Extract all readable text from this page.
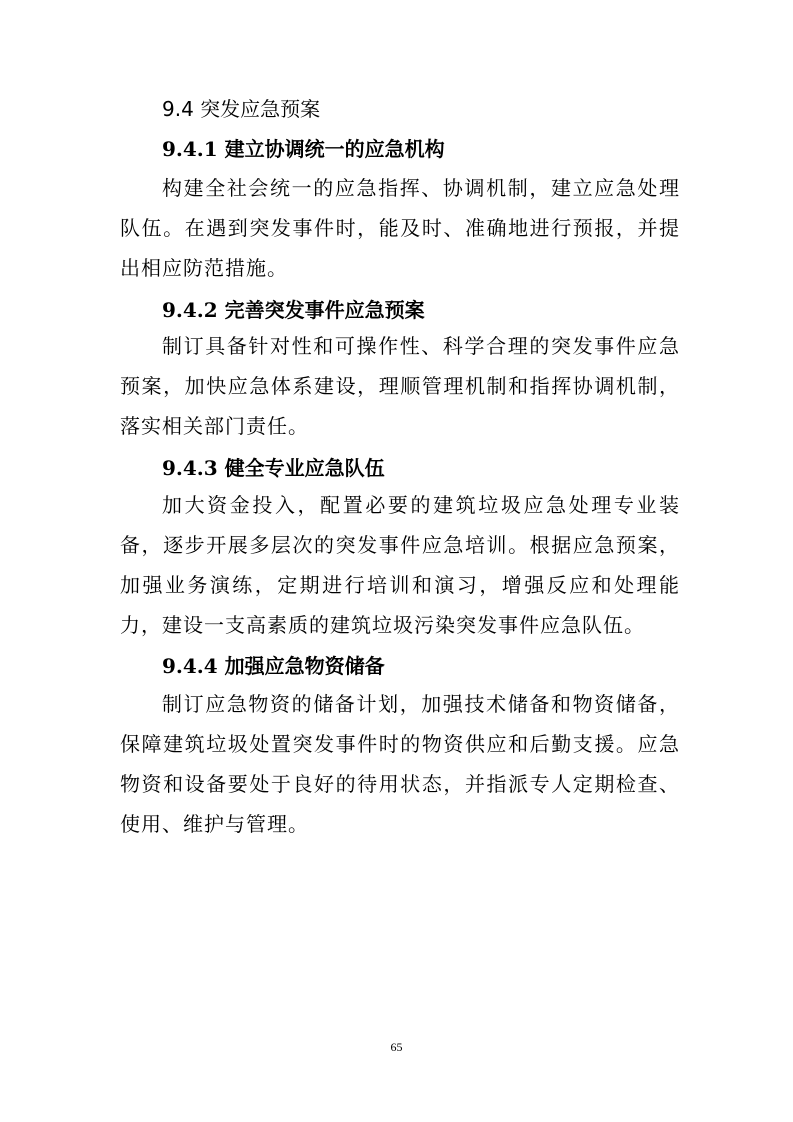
9.4 突发应急预案
9.4.1 建立协调统一的应急机构
构建全社会统一的应急指挥、协调机制，建立应急处理队伍。在遇到突发事件时，能及时、准确地进行预报，并提出相应防范措施。
9.4.2 完善突发事件应急预案
制订具备针对性和可操作性、科学合理的突发事件应急预案，加快应急体系建设，理顺管理机制和指挥协调机制，落实相关部门责任。
9.4.3 健全专业应急队伍
加大资金投入，配置必要的建筑垃圾应急处理专业装备，逐步开展多层次的突发事件应急培训。根据应急预案，加强业务演练，定期进行培训和演习，增强反应和处理能力，建设一支高素质的建筑垃圾污染突发事件应急队伍。
9.4.4 加强应急物资储备
制订应急物资的储备计划，加强技术储备和物资储备，保障建筑垃圾处置突发事件时的物资供应和后勤支援。应急物资和设备要处于良好的待用状态，并指派专人定期检查、使用、维护与管理。
65
